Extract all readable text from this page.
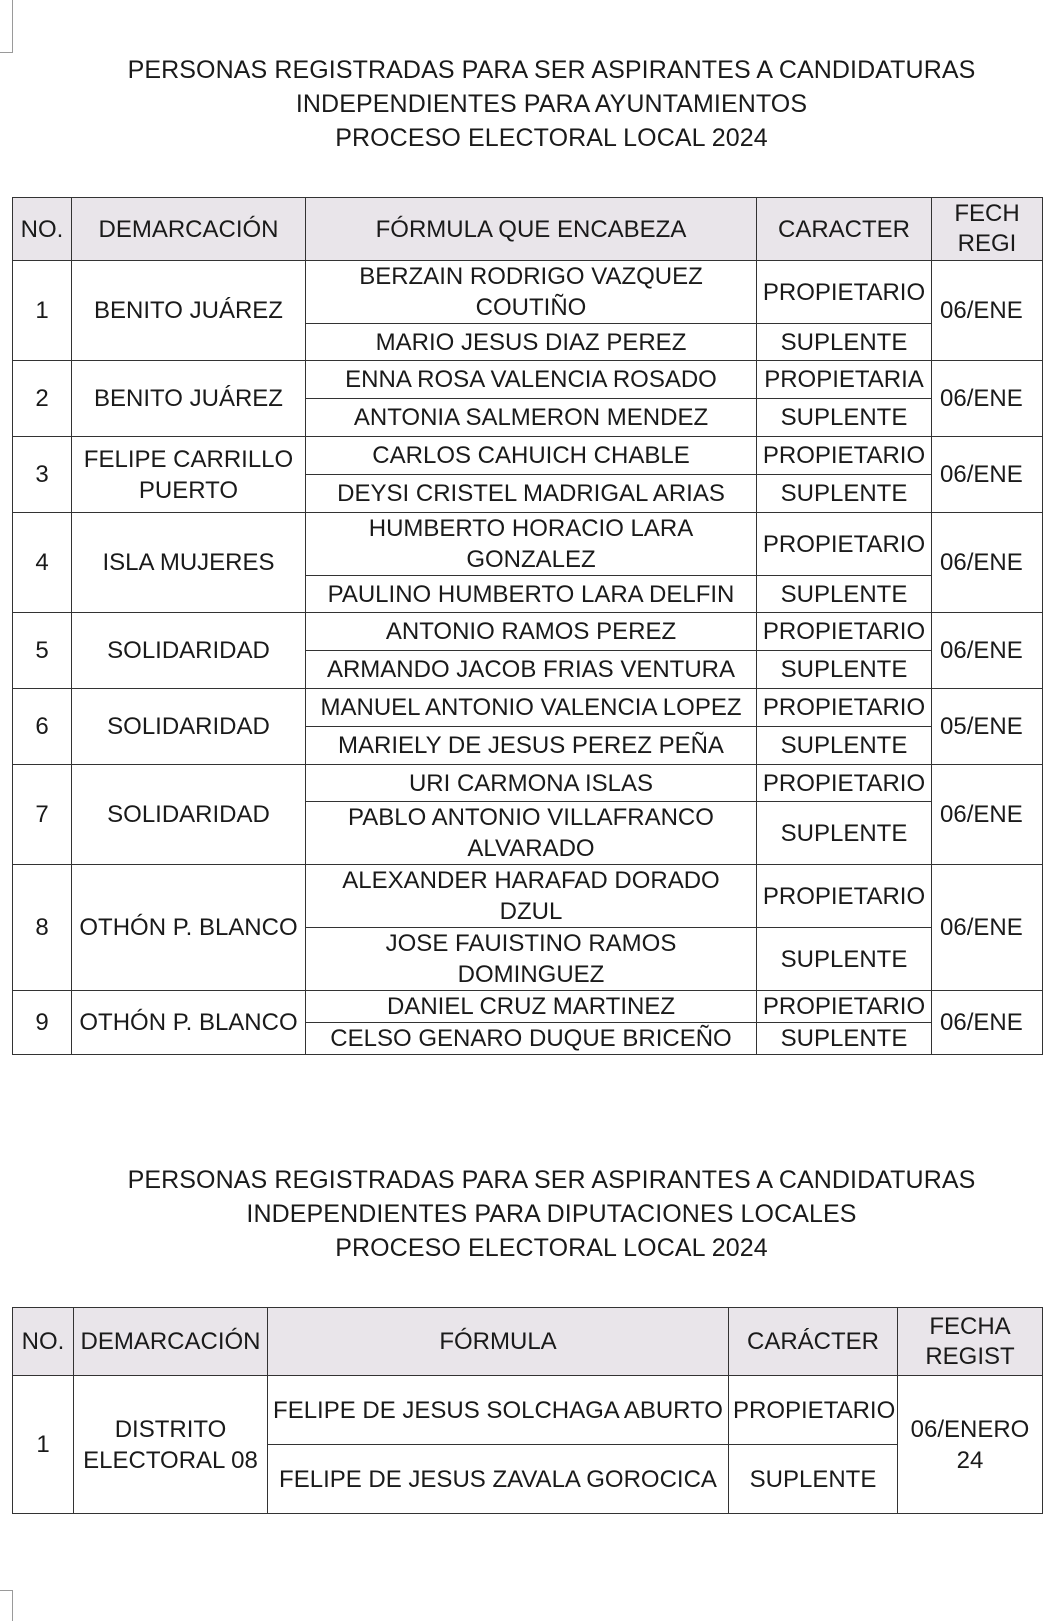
PERSONAS REGISTRADAS PARA SER ASPIRANTES A CANDIDATURAS
INDEPENDIENTES PARA AYUNTAMIENTOS
PROCESO ELECTORAL LOCAL 2024
NO.	DEMARCACIÓN	FÓRMULA QUE ENCABEZA	CARACTER	FECH
REGI
1	BENITO JUÁREZ	BERZAIN RODRIGO VAZQUEZ COUTIÑO	PROPIETARIO	06/ENE
		MARIO JESUS DIAZ PEREZ	SUPLENTE	
2	BENITO JUÁREZ	ENNA ROSA VALENCIA ROSADO	PROPIETARIA	06/ENE
		ANTONIA SALMERON MENDEZ	SUPLENTE	
3	FELIPE CARRILLO PUERTO	CARLOS CAHUICH CHABLE	PROPIETARIO	06/ENE
		DEYSI CRISTEL MADRIGAL ARIAS	SUPLENTE	
4	ISLA MUJERES	HUMBERTO HORACIO LARA GONZALEZ	PROPIETARIO	06/ENE
		PAULINO HUMBERTO LARA DELFIN	SUPLENTE	
5	SOLIDARIDAD	ANTONIO RAMOS PEREZ	PROPIETARIO	06/ENE
		ARMANDO JACOB FRIAS VENTURA	SUPLENTE	
6	SOLIDARIDAD	MANUEL ANTONIO VALENCIA LOPEZ	PROPIETARIO	05/ENE
		MARIELY DE JESUS PEREZ PEÑA	SUPLENTE	
7	SOLIDARIDAD	URI CARMONA ISLAS	PROPIETARIO	06/ENE
		PABLO ANTONIO VILLAFRANCO ALVARADO	SUPLENTE	
8	OTHÓN P. BLANCO	ALEXANDER HARAFAD DORADO DZUL	PROPIETARIO	06/ENE
		JOSE FAUISTINO RAMOS DOMINGUEZ	SUPLENTE	
9	OTHÓN P. BLANCO	DANIEL CRUZ MARTINEZ	PROPIETARIO	06/ENE
		CELSO GENARO DUQUE BRICEÑO	SUPLENTE	
PERSONAS REGISTRADAS PARA SER ASPIRANTES A CANDIDATURAS
INDEPENDIENTES PARA DIPUTACIONES LOCALES
PROCESO ELECTORAL LOCAL 2024
NO.	DEMARCACIÓN	FÓRMULA	CARÁCTER	FECHA
REGIST
1	DISTRITO ELECTORAL 08	FELIPE DE JESUS SOLCHAGA ABURTO	PROPIETARIO	06/ENERO 24
		FELIPE DE JESUS ZAVALA GOROCICA	SUPLENTE	
